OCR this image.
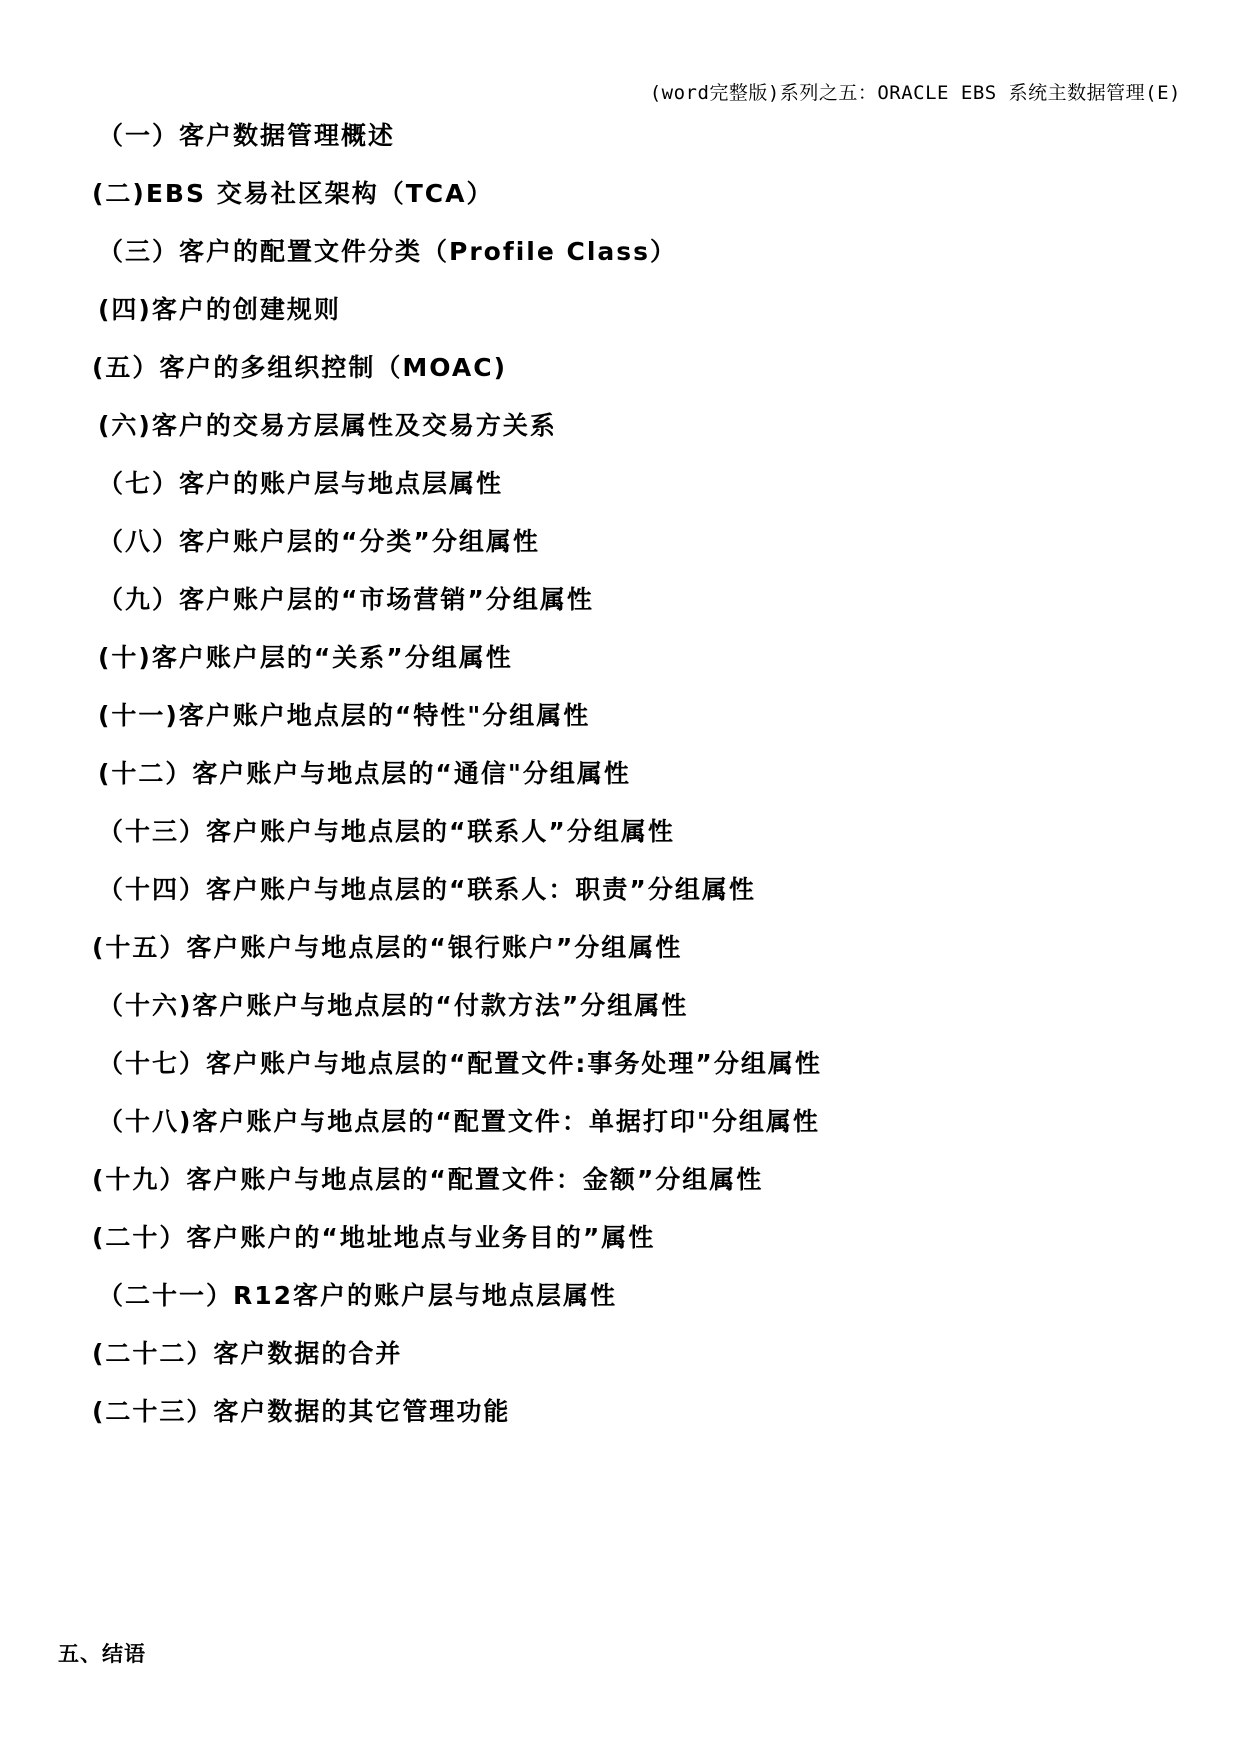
(word完整版)系列之五：ORACLE EBS 系统主数据管理(E)
（一）客户数据管理概述
(二)EBS 交易社区架构（TCA）
（三）客户的配置文件分类（Profile Class）
(四)客户的创建规则
(五）客户的多组织控制（MOAC)
(六)客户的交易方层属性及交易方关系
（七）客户的账户层与地点层属性
（八）客户账户层的“分类”分组属性
（九）客户账户层的“市场营销”分组属性
(十)客户账户层的“关系”分组属性
(十一)客户账户地点层的“特性"分组属性
(十二）客户账户与地点层的“通信"分组属性
（十三）客户账户与地点层的“联系人”分组属性
（十四）客户账户与地点层的“联系人：职责”分组属性
(十五）客户账户与地点层的“银行账户”分组属性
（十六)客户账户与地点层的“付款方法”分组属性
（十七）客户账户与地点层的“配置文件:事务处理”分组属性
（十八)客户账户与地点层的“配置文件：单据打印"分组属性
(十九）客户账户与地点层的“配置文件：金额”分组属性
(二十）客户账户的“地址地点与业务目的”属性
（二十一）R12客户的账户层与地点层属性
(二十二）客户数据的合并
(二十三）客户数据的其它管理功能
五、结语
